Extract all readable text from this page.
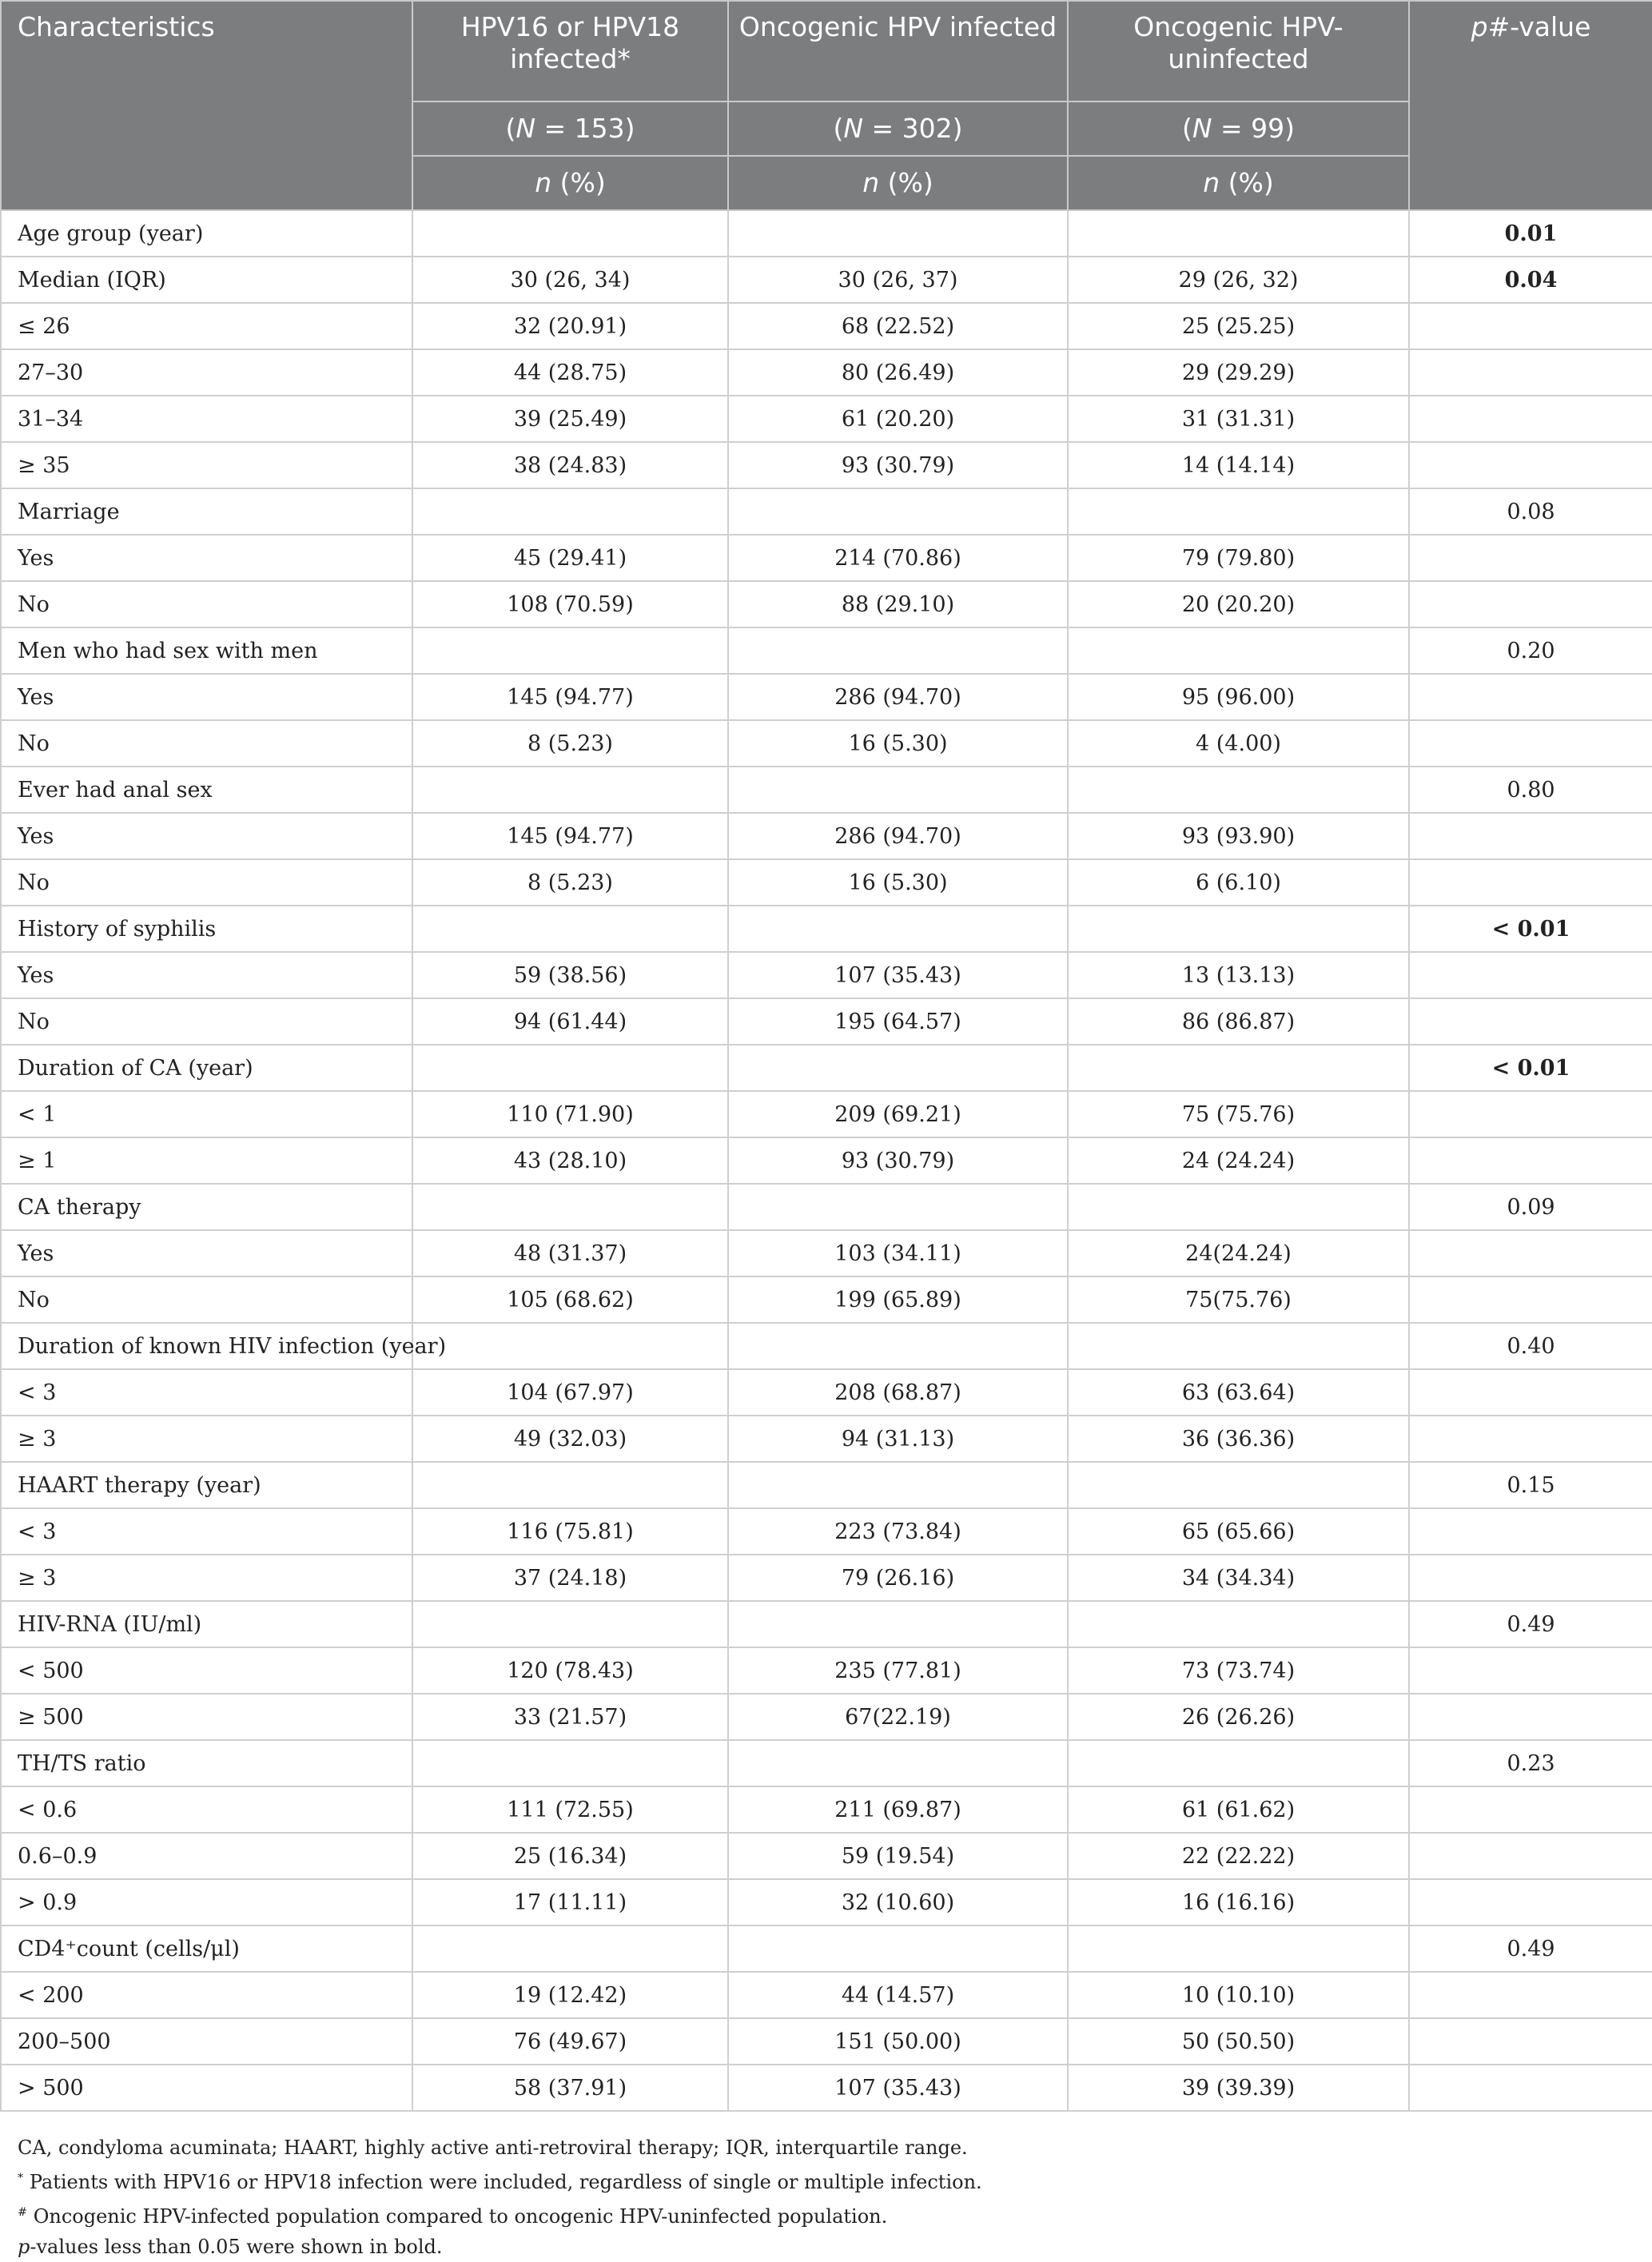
Characteristics	HPV16 or HPV18 infected*	Oncogenic HPV infected	Oncogenic HPV-uninfected	p#-value
	(N = 153)	(N = 302)	(N = 99)	
	n (%)	n (%)	n (%)	
Age group (year)				0.01
Median (IQR)	30 (26, 34)	30 (26, 37)	29 (26, 32)	0.04
≤ 26	32 (20.91)	68 (22.52)	25 (25.25)	
27–30	44 (28.75)	80 (26.49)	29 (29.29)	
31–34	39 (25.49)	61 (20.20)	31 (31.31)	
≥ 35	38 (24.83)	93 (30.79)	14 (14.14)	
Marriage				0.08
Yes	45 (29.41)	214 (70.86)	79 (79.80)	
No	108 (70.59)	88 (29.10)	20 (20.20)	
Men who had sex with men				0.20
Yes	145 (94.77)	286 (94.70)	95 (96.00)	
No	8 (5.23)	16 (5.30)	4 (4.00)	
Ever had anal sex				0.80
Yes	145 (94.77)	286 (94.70)	93 (93.90)	
No	8 (5.23)	16 (5.30)	6 (6.10)	
History of syphilis				< 0.01
Yes	59 (38.56)	107 (35.43)	13 (13.13)	
No	94 (61.44)	195 (64.57)	86 (86.87)	
Duration of CA (year)				< 0.01
< 1	110 (71.90)	209 (69.21)	75 (75.76)	
≥ 1	43 (28.10)	93 (30.79)	24 (24.24)	
CA therapy				0.09
Yes	48 (31.37)	103 (34.11)	24(24.24)	
No	105 (68.62)	199 (65.89)	75(75.76)	
Duration of known HIV infection (year)				0.40
< 3	104 (67.97)	208 (68.87)	63 (63.64)	
≥ 3	49 (32.03)	94 (31.13)	36 (36.36)	
HAART therapy (year)				0.15
< 3	116 (75.81)	223 (73.84)	65 (65.66)	
≥ 3	37 (24.18)	79 (26.16)	34 (34.34)	
HIV-RNA (IU/ml)				0.49
< 500	120 (78.43)	235 (77.81)	73 (73.74)	
≥ 500	33 (21.57)	67(22.19)	26 (26.26)	
TH/TS ratio				0.23
< 0.6	111 (72.55)	211 (69.87)	61 (61.62)	
0.6–0.9	25 (16.34)	59 (19.54)	22 (22.22)	
> 0.9	17 (11.11)	32 (10.60)	16 (16.16)	
CD4⁺count (cells/μl)				0.49
< 200	19 (12.42)	44 (14.57)	10 (10.10)	
200–500	76 (49.67)	151 (50.00)	50 (50.50)	
> 500	58 (37.91)	107 (35.43)	39 (39.39)	
CA, condyloma acuminata; HAART, highly active anti-retroviral therapy; IQR, interquartile range.
* Patients with HPV16 or HPV18 infection were included, regardless of single or multiple infection.
# Oncogenic HPV-infected population compared to oncogenic HPV-uninfected population.
p-values less than 0.05 were shown in bold.
